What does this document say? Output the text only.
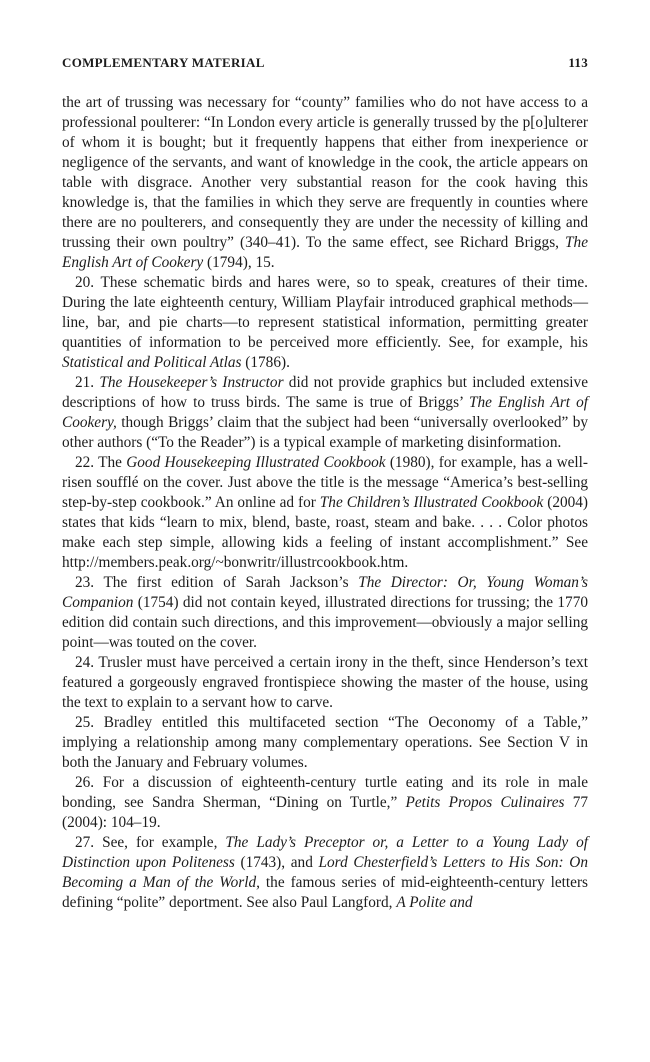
COMPLEMENTARY MATERIAL	113

the art of trussing was necessary for “county” families who do not have access to a professional poulterer: “In London every article is generally trussed by the p[o]ulterer of whom it is bought; but it frequently happens that either from inexperience or negligence of the servants, and want of knowledge in the cook, the article appears on table with disgrace. Another very substantial reason for the cook having this knowledge is, that the families in which they serve are frequently in counties where there are no poulterers, and consequently they are under the necessity of killing and trussing their own poultry” (340–41). To the same effect, see Richard Briggs, The English Art of Cookery (1794), 15.

20. These schematic birds and hares were, so to speak, creatures of their time. During the late eighteenth century, William Playfair introduced graphical methods—line, bar, and pie charts—to represent statistical information, permitting greater quantities of information to be perceived more efficiently. See, for example, his Statistical and Political Atlas (1786).

21. The Housekeeper’s Instructor did not provide graphics but included extensive descriptions of how to truss birds. The same is true of Briggs’ The English Art of Cookery, though Briggs’ claim that the subject had been “universally overlooked” by other authors (“To the Reader”) is a typical example of marketing disinformation.

22. The Good Housekeeping Illustrated Cookbook (1980), for example, has a well-risen soufflé on the cover. Just above the title is the message “America’s best-selling step-by-step cookbook.” An online ad for The Children’s Illustrated Cookbook (2004) states that kids “learn to mix, blend, baste, roast, steam and bake. . . . Color photos make each step simple, allowing kids a feeling of instant accomplishment.” See http://members.peak.org/~bonwritr/illustrcookbook.htm.

23. The first edition of Sarah Jackson’s The Director: Or, Young Woman’s Companion (1754) did not contain keyed, illustrated directions for trussing; the 1770 edition did contain such directions, and this improvement—obviously a major selling point—was touted on the cover.

24. Trusler must have perceived a certain irony in the theft, since Henderson’s text featured a gorgeously engraved frontispiece showing the master of the house, using the text to explain to a servant how to carve.

25. Bradley entitled this multifaceted section “The Oeconomy of a Table,” implying a relationship among many complementary operations. See Section V in both the January and February volumes.

26. For a discussion of eighteenth-century turtle eating and its role in male bonding, see Sandra Sherman, “Dining on Turtle,” Petits Propos Culinaires 77 (2004): 104–19.

27. See, for example, The Lady’s Preceptor or, a Letter to a Young Lady of Distinction upon Politeness (1743), and Lord Chesterfield’s Letters to His Son: On Becoming a Man of the World, the famous series of mid-eighteenth-century letters defining “polite” deportment. See also Paul Langford, A Polite and
